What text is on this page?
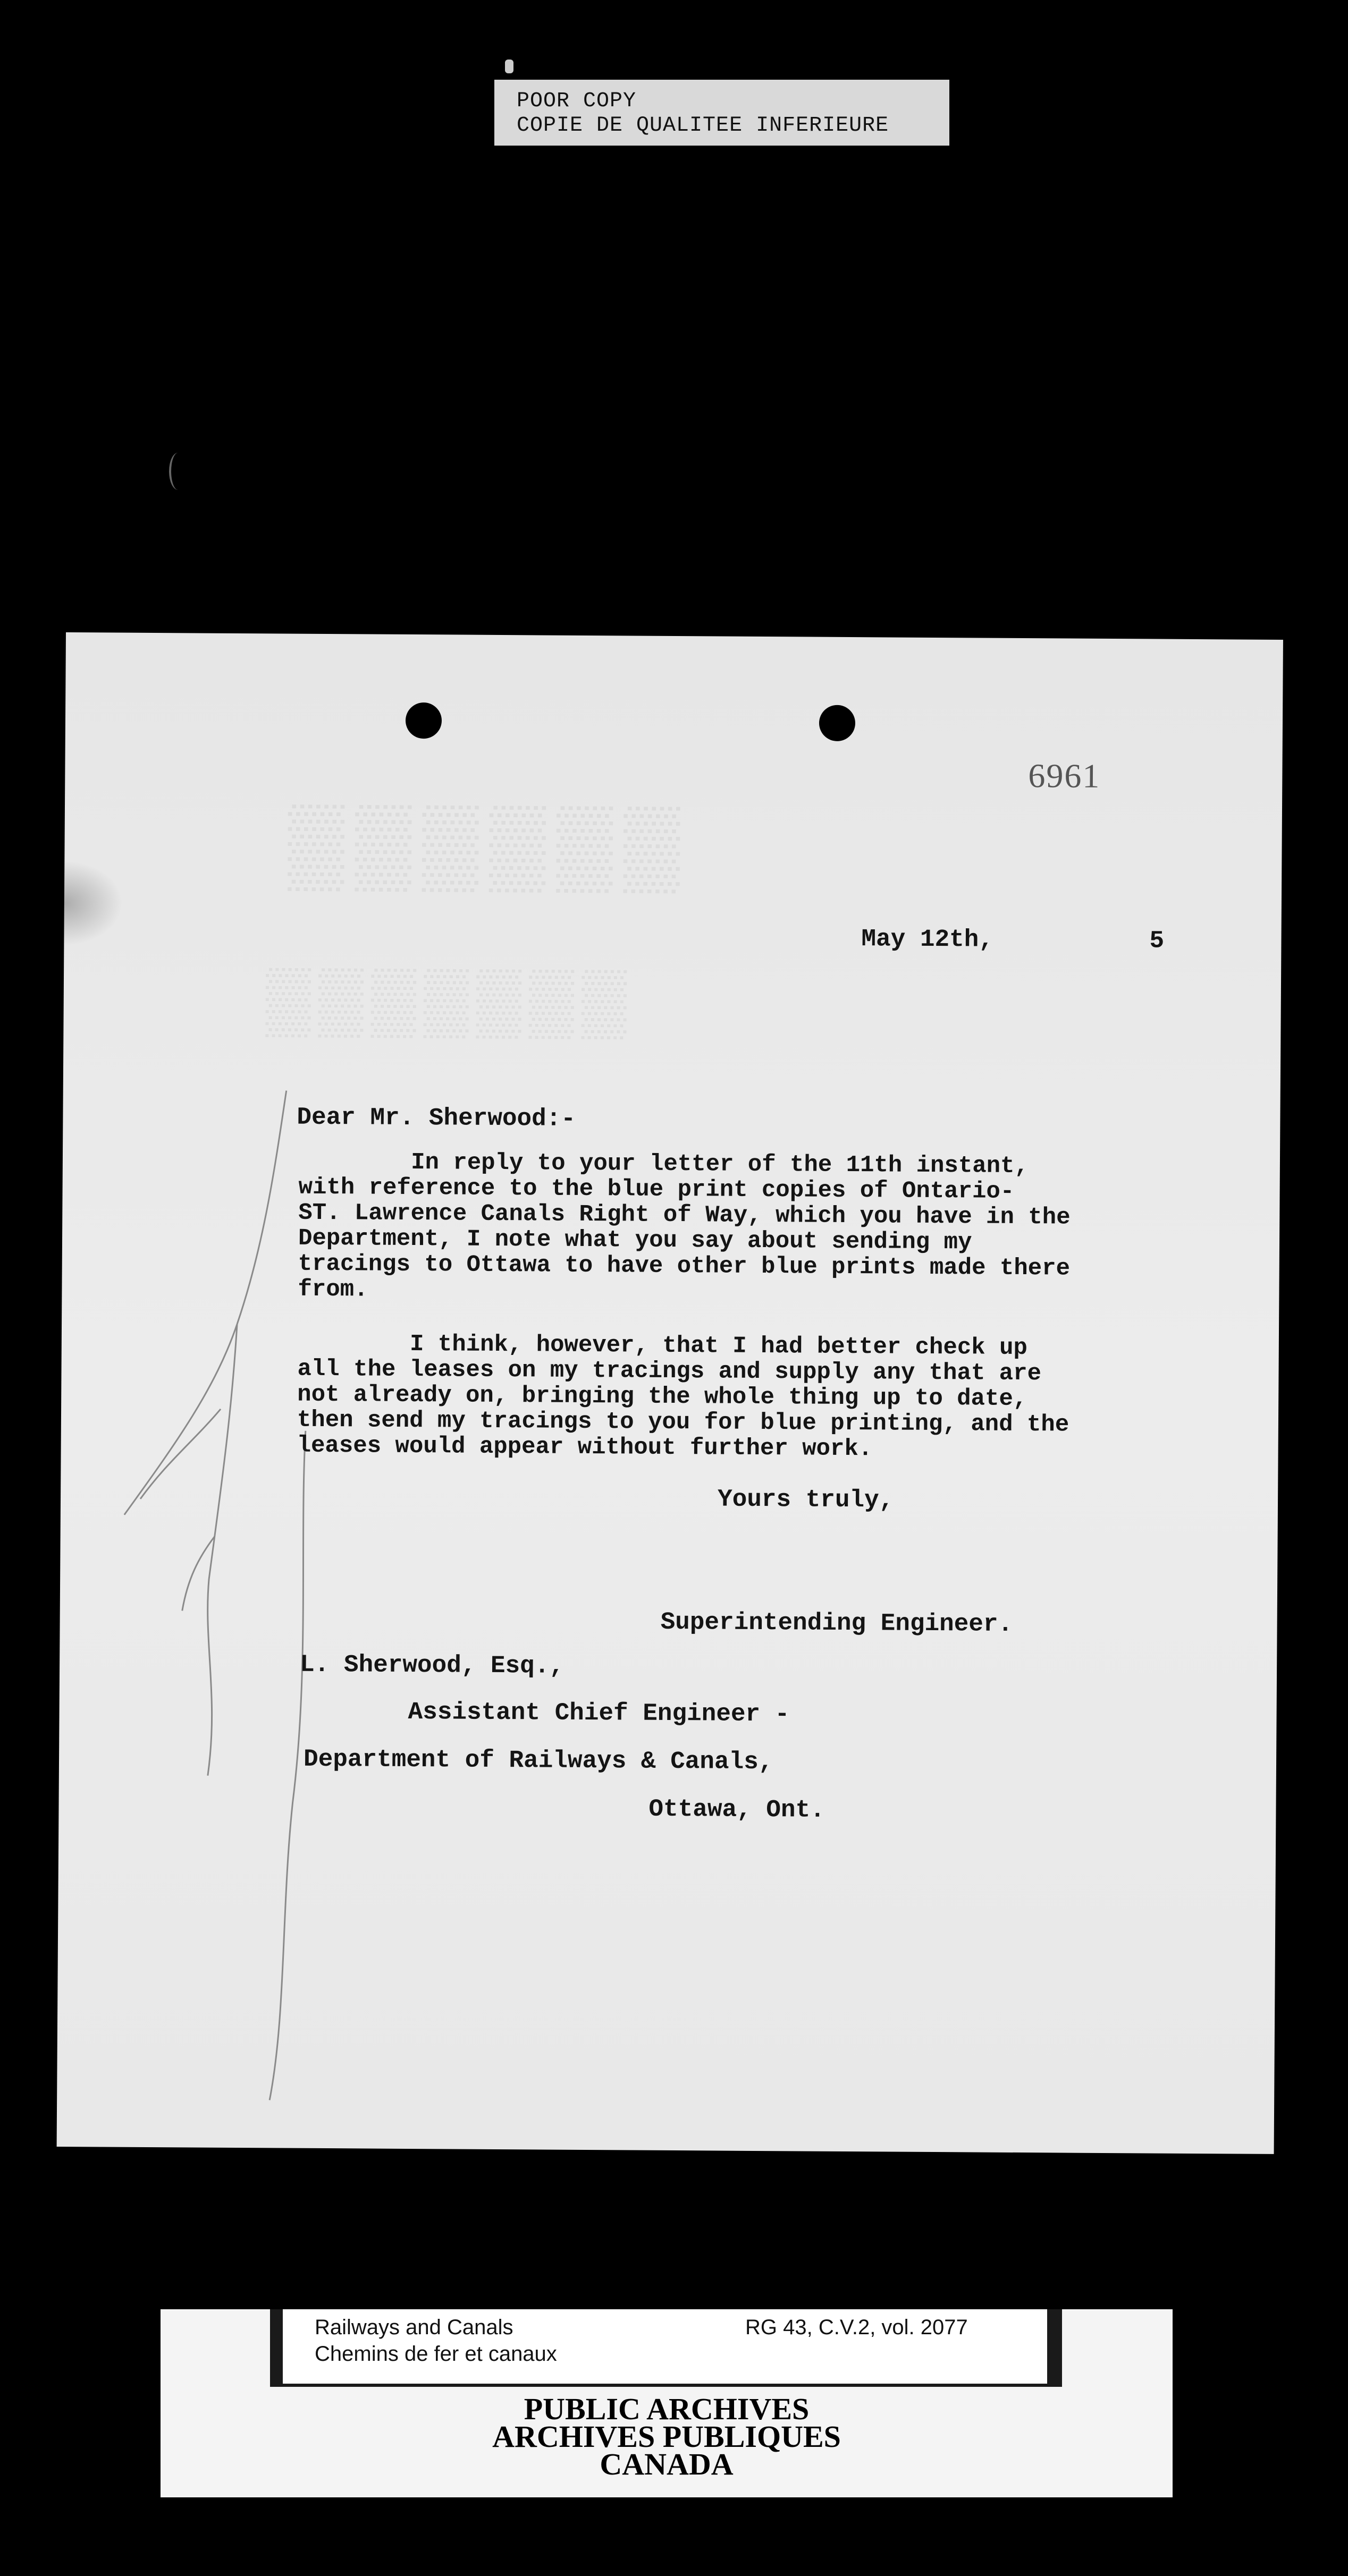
POOR COPY
COPIE DE QUALITEE INFERIEURE
▒▒▒▒▒▒
▒▒▒▒▒▒▒
6961
May 12th,	5
Dear Mr. Sherwood:-
In reply to your letter of the 11th instant,
with reference to the blue print copies of Ontario-
ST. Lawrence Canals Right of Way, which you have in the
Department, I note what you say about sending my
tracings to Ottawa to have other blue prints made there
from.
I think, however, that I had better check up
all the leases on my tracings and supply any that are
not already on, bringing the whole thing up to date,
then send my tracings to you for blue printing, and the
leases would appear without further work.
Yours truly,
Superintending Engineer.
L. Sherwood, Esq.,
Assistant Chief Engineer -
Department of Railways & Canals,
Ottawa, Ont.
Railways and Canals
Chemins de fer et canaux
RG 43, C.V.2, vol. 2077
PUBLIC ARCHIVES
ARCHIVES PUBLIQUES
CANADA
